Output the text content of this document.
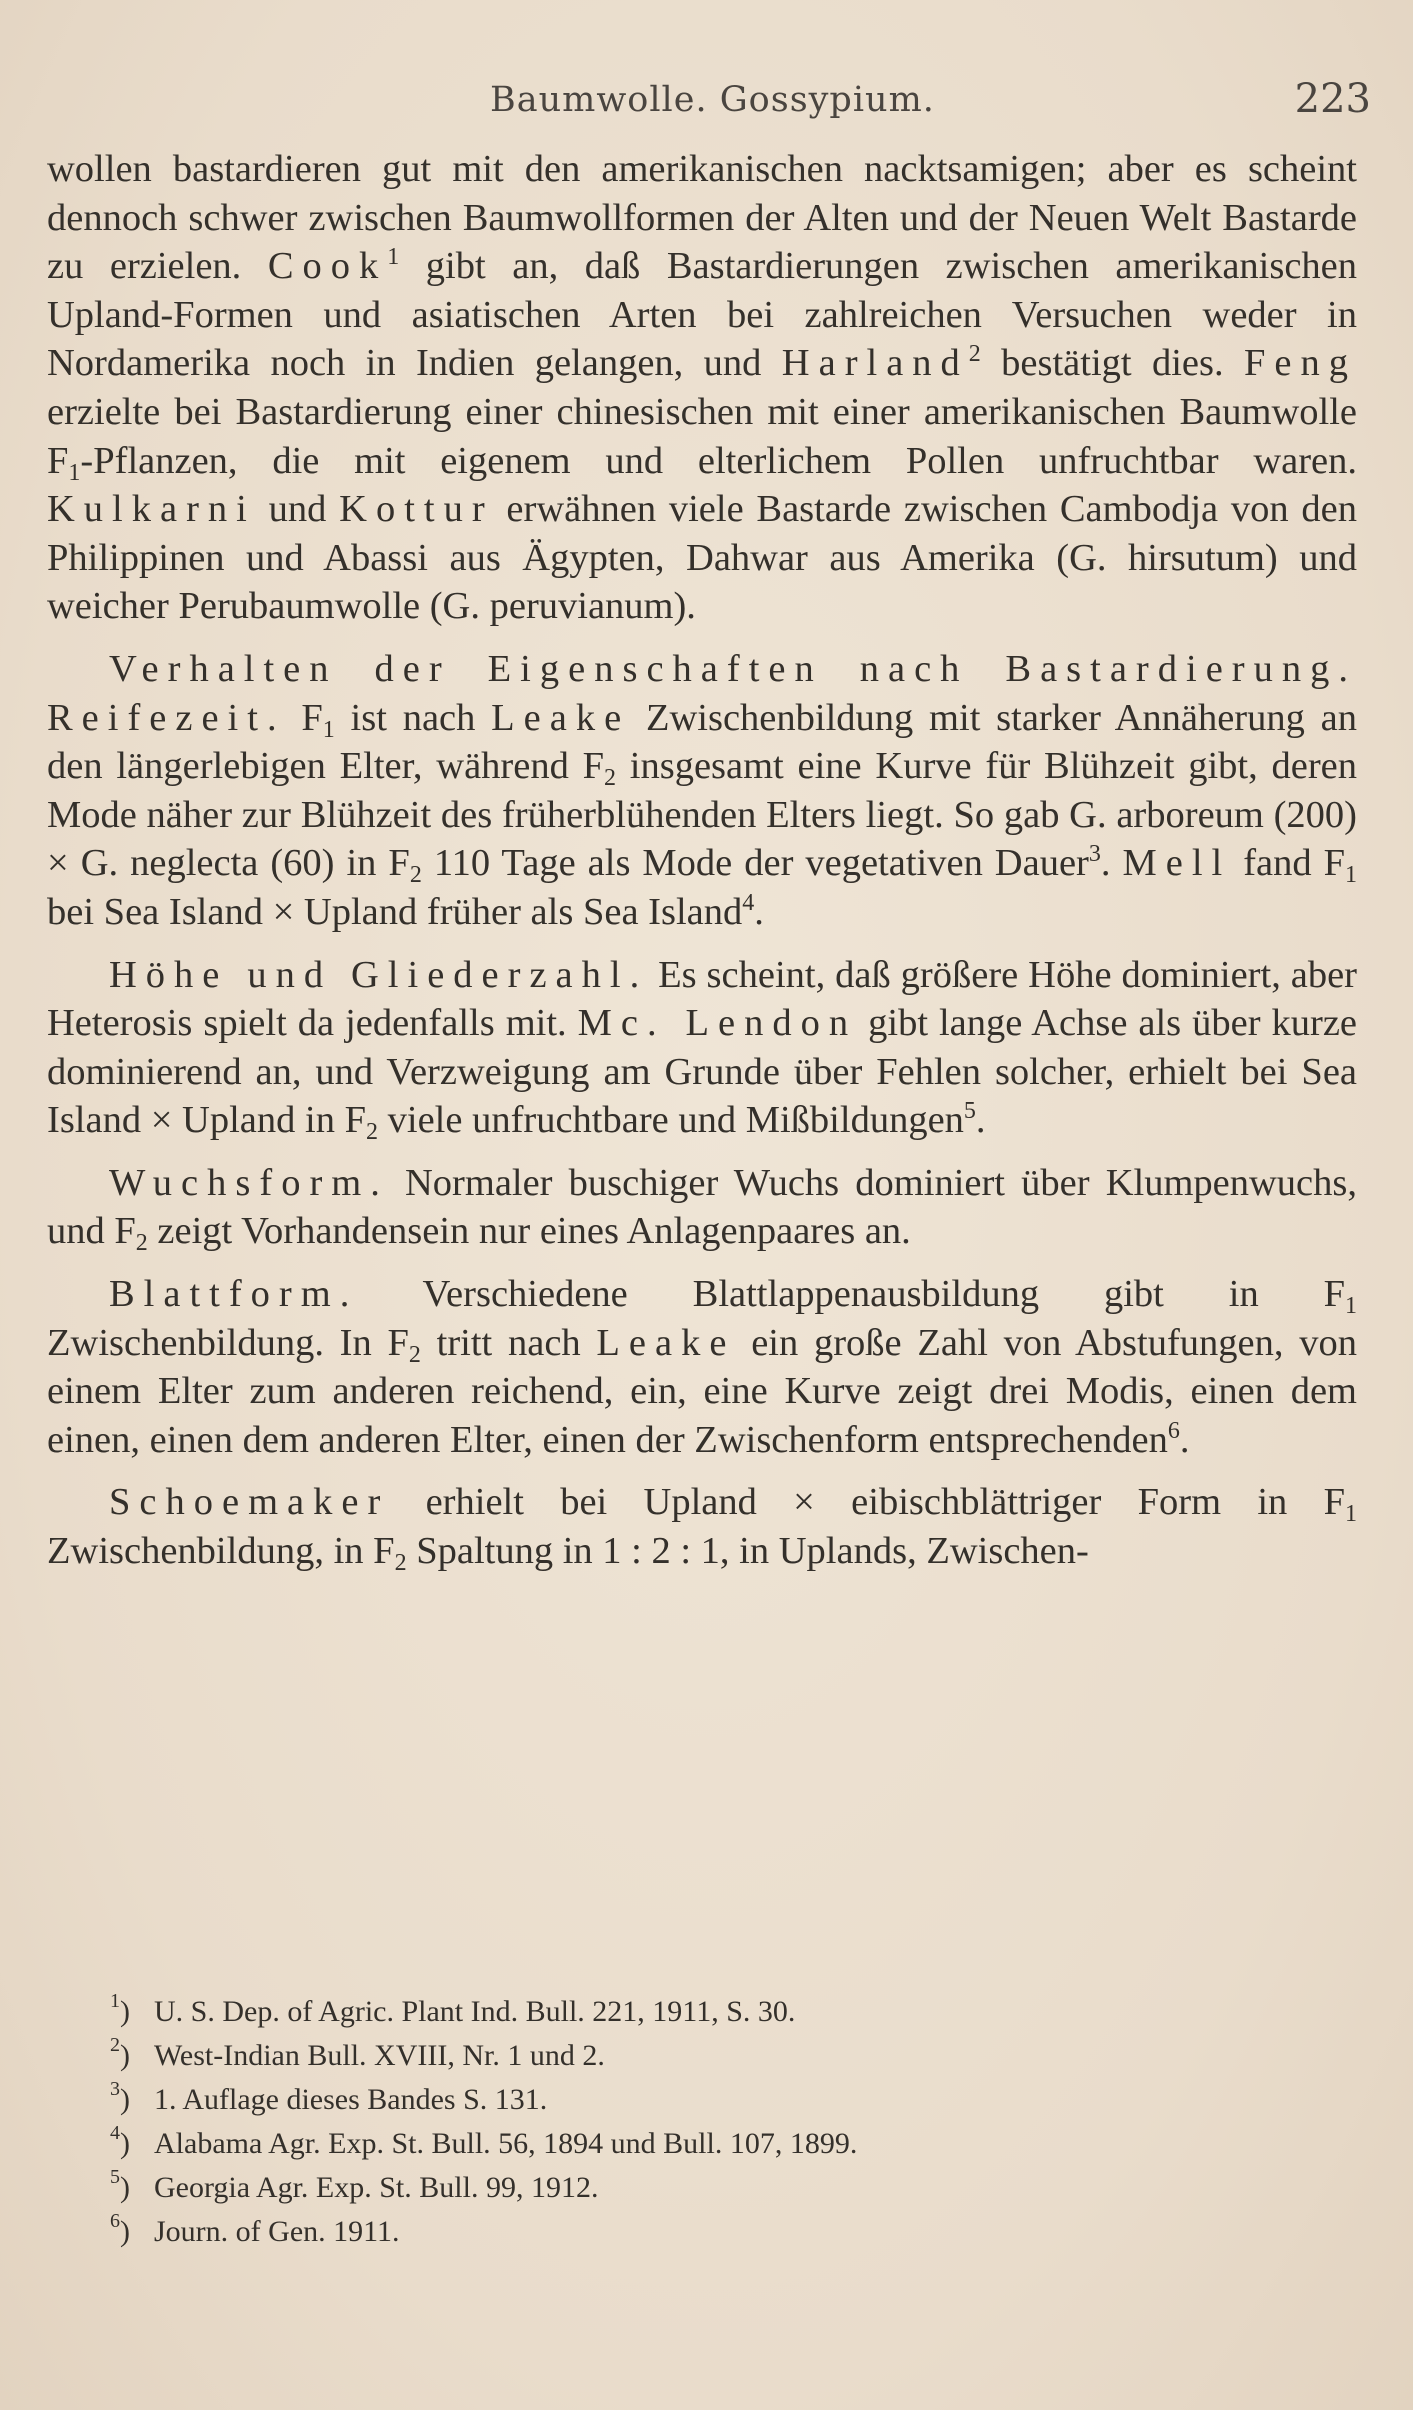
Baumwolle. Gossypium.	223

wollen bastardieren gut mit den amerikanischen nacktsamigen; aber es scheint dennoch schwer zwischen Baumwollformen der Alten und der Neuen Welt Bastarde zu erzielen. Cook$^1$ gibt an, daß Bastardierungen zwischen amerikanischen Upland-Formen und asiatischen Arten bei zahlreichen Versuchen weder in Nordamerika noch in Indien gelangen, und Harland$^2$ bestätigt dies. Feng erzielte bei Bastardierung einer chinesischen mit einer amerikanischen Baumwolle $F_1$-Pflanzen, die mit eigenem und elterlichem Pollen unfruchtbar waren. Kulkarni und Kottur erwähnen viele Bastarde zwischen Cambodja von den Philippinen und Abassi aus Ägypten, Dahwar aus Amerika (G. hirsutum) und weicher Perubaumwolle (G. peruvianum).

Verhalten der Eigenschaften nach Bastardierung. Reifezeit. $F_1$ ist nach Leake Zwischenbildung mit starker Annäherung an den längerlebigen Elter, während $F_2$ insgesamt eine Kurve für Blühzeit gibt, deren Mode näher zur Blühzeit des früherblühenden Elters liegt. So gab G. arboreum (200) × G. neglecta (60) in $F_2$ 110 Tage als Mode der vegetativen Dauer$^3$. Mell fand $F_1$ bei Sea Island × Upland früher als Sea Island$^4$.

Höhe und Gliederzahl. Es scheint, daß größere Höhe dominiert, aber Heterosis spielt da jedenfalls mit. Mc. Lendon gibt lange Achse als über kurze dominierend an, und Verzweigung am Grunde über Fehlen solcher, erhielt bei Sea Island × Upland in $F_2$ viele unfruchtbare und Mißbildungen$^5$.

Wuchsform. Normaler buschiger Wuchs dominiert über Klumpenwuchs, und $F_2$ zeigt Vorhandensein nur eines Anlagenpaares an.

Blattform. Verschiedene Blattlappenausbildung gibt in $F_1$ Zwischenbildung. In $F_2$ tritt nach Leake ein große Zahl von Abstufungen, von einem Elter zum anderen reichend, ein, eine Kurve zeigt drei Modis, einen dem einen, einen dem anderen Elter, einen der Zwischenform entsprechenden$^6$.

Schoemaker erhielt bei Upland × eibischblättriger Form in $F_1$ Zwischenbildung, in $F_2$ Spaltung in 1 : 2 : 1, in Uplands, Zwischen-

$^1$) U. S. Dep. of Agric. Plant Ind. Bull. 221, 1911, S. 30.
$^2$) West-Indian Bull. XVIII, Nr. 1 und 2.
$^3$) 1. Auflage dieses Bandes S. 131.
$^4$) Alabama Agr. Exp. St. Bull. 56, 1894 und Bull. 107, 1899.
$^5$) Georgia Agr. Exp. St. Bull. 99, 1912.
$^6$) Journ. of Gen. 1911.
